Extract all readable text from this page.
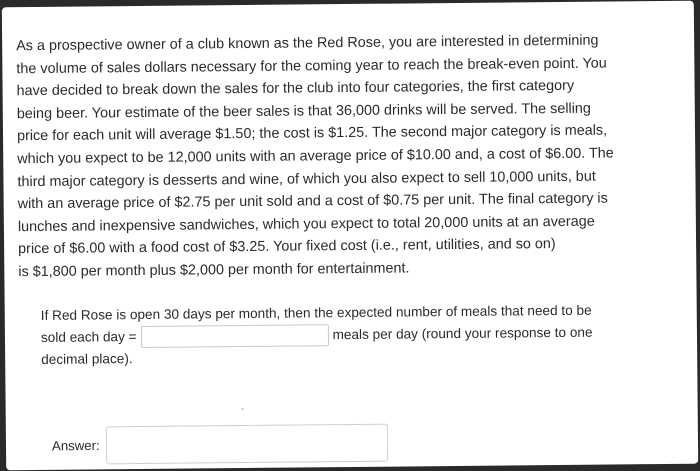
As a prospective owner of a club known as the Red Rose, you are interested in determining
the volume of sales dollars necessary for the coming year to reach the break-even point. You
have decided to break down the sales for the club into four categories, the first category
being beer. Your estimate of the beer sales is that 36,000 drinks will be served. The selling
price for each unit will average $1.50; the cost is $1.25. The second major category is meals,
which you expect to be 12,000 units with an average price of $10.00 and, a cost of $6.00. The
third major category is desserts and wine, of which you also expect to sell 10,000 units, but
with an average price of $2.75 per unit sold and a cost of $0.75 per unit. The final category is
lunches and inexpensive sandwiches, which you expect to total 20,000 units at an average
price of $6.00 with a food cost of $3.25. Your fixed cost (i.e., rent, utilities, and so on)
is $1,800 per month plus $2,000 per month for entertainment.
If Red Rose is open 30 days per month, then the expected number of meals that need to be
sold each day =	meals per day (round your response to one
decimal place).
Answer:
